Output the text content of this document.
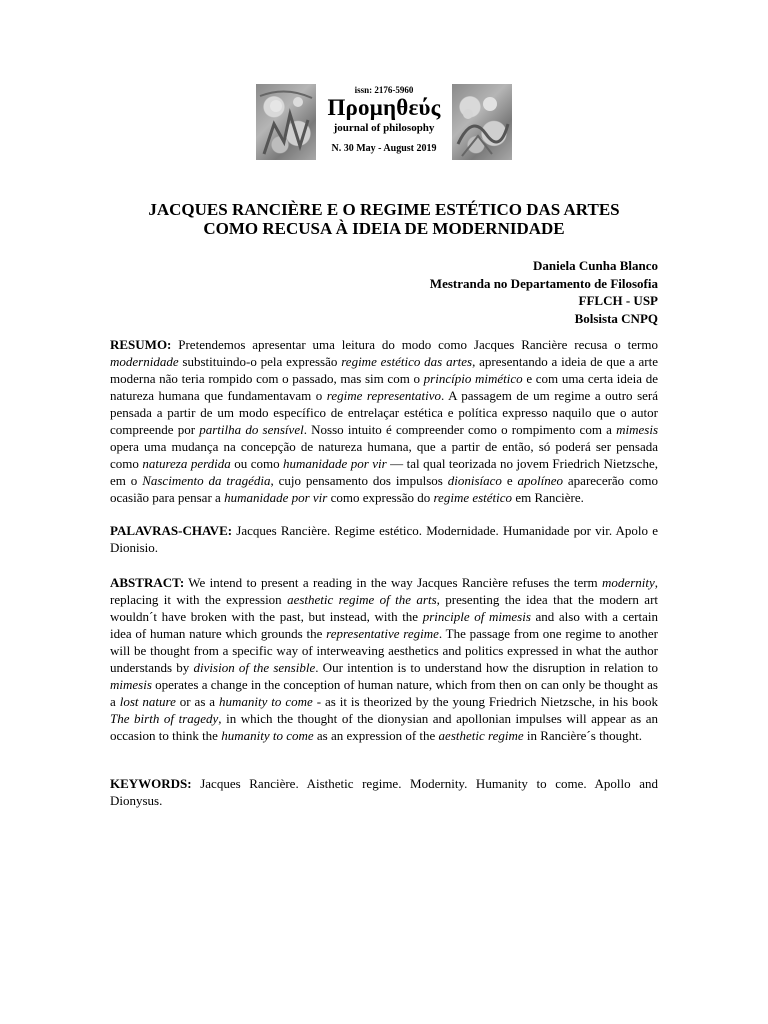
issn: 2176-5960
Προμηθεύς
journal of philosophy
N. 30 May - August 2019
JACQUES RANCIÈRE E O REGIME ESTÉTICO DAS ARTES
COMO RECUSA À IDEIA DE MODERNIDADE
Daniela Cunha Blanco
Mestranda no Departamento de Filosofia
FFLCH - USP
Bolsista CNPQ
RESUMO: Pretendemos apresentar uma leitura do modo como Jacques Rancière recusa o termo modernidade substituindo-o pela expressão regime estético das artes, apresentando a ideia de que a arte moderna não teria rompido com o passado, mas sim com o princípio mimético e com uma certa ideia de natureza humana que fundamentavam o regime representativo. A passagem de um regime a outro será pensada a partir de um modo específico de entrelaçar estética e política expresso naquilo que o autor compreende por partilha do sensível. Nosso intuito é compreender como o rompimento com a mimesis opera uma mudança na concepção de natureza humana, que a partir de então, só poderá ser pensada como natureza perdida ou como humanidade por vir — tal qual teorizada no jovem Friedrich Nietzsche, em o Nascimento da tragédia, cujo pensamento dos impulsos dionisíaco e apolíneo aparecerão como ocasião para pensar a humanidade por vir como expressão do regime estético em Rancière.
PALAVRAS-CHAVE: Jacques Rancière. Regime estético. Modernidade. Humanidade por vir. Apolo e Dionisio.
ABSTRACT: We intend to present a reading in the way Jacques Rancière refuses the term modernity, replacing it with the expression aesthetic regime of the arts, presenting the idea that the modern art wouldn´t have broken with the past, but instead, with the principle of mimesis and also with a certain idea of human nature which grounds the representative regime. The passage from one regime to another will be thought from a specific way of interweaving aesthetics and politics expressed in what the author understands by division of the sensible. Our intention is to understand how the disruption in relation to mimesis operates a change in the conception of human nature, which from then on can only be thought as a lost nature or as a humanity to come - as it is theorized by the young Friedrich Nietzsche, in his book The birth of tragedy, in which the thought of the dionysian and apollonian impulses will appear as an occasion to think the humanity to come as an expression of the aesthetic regime in Rancière´s thought.
KEYWORDS: Jacques Rancière. Aisthetic regime. Modernity. Humanity to come. Apollo and Dionysus.
